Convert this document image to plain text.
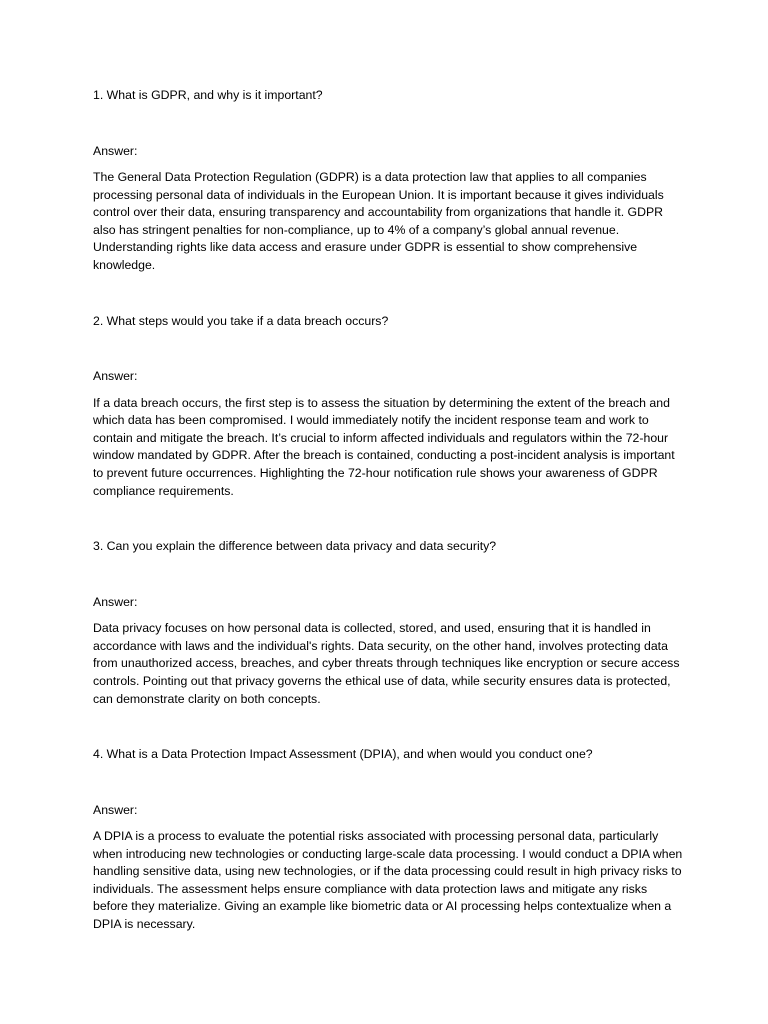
1. What is GDPR, and why is it important?

Answer:

The General Data Protection Regulation (GDPR) is a data protection law that applies to all companies processing personal data of individuals in the European Union. It is important because it gives individuals control over their data, ensuring transparency and accountability from organizations that handle it. GDPR also has stringent penalties for non-compliance, up to 4% of a company’s global annual revenue. Understanding rights like data access and erasure under GDPR is essential to show comprehensive knowledge.

2. What steps would you take if a data breach occurs?

Answer:

If a data breach occurs, the first step is to assess the situation by determining the extent of the breach and which data has been compromised. I would immediately notify the incident response team and work to contain and mitigate the breach. It’s crucial to inform affected individuals and regulators within the 72-hour window mandated by GDPR. After the breach is contained, conducting a post-incident analysis is important to prevent future occurrences. Highlighting the 72-hour notification rule shows your awareness of GDPR compliance requirements.

3. Can you explain the difference between data privacy and data security?

Answer:

Data privacy focuses on how personal data is collected, stored, and used, ensuring that it is handled in accordance with laws and the individual's rights. Data security, on the other hand, involves protecting data from unauthorized access, breaches, and cyber threats through techniques like encryption or secure access controls. Pointing out that privacy governs the ethical use of data, while security ensures data is protected, can demonstrate clarity on both concepts.

4. What is a Data Protection Impact Assessment (DPIA), and when would you conduct one?

Answer:

A DPIA is a process to evaluate the potential risks associated with processing personal data, particularly when introducing new technologies or conducting large-scale data processing. I would conduct a DPIA when handling sensitive data, using new technologies, or if the data processing could result in high privacy risks to individuals. The assessment helps ensure compliance with data protection laws and mitigate any risks before they materialize. Giving an example like biometric data or AI processing helps contextualize when a DPIA is necessary.
